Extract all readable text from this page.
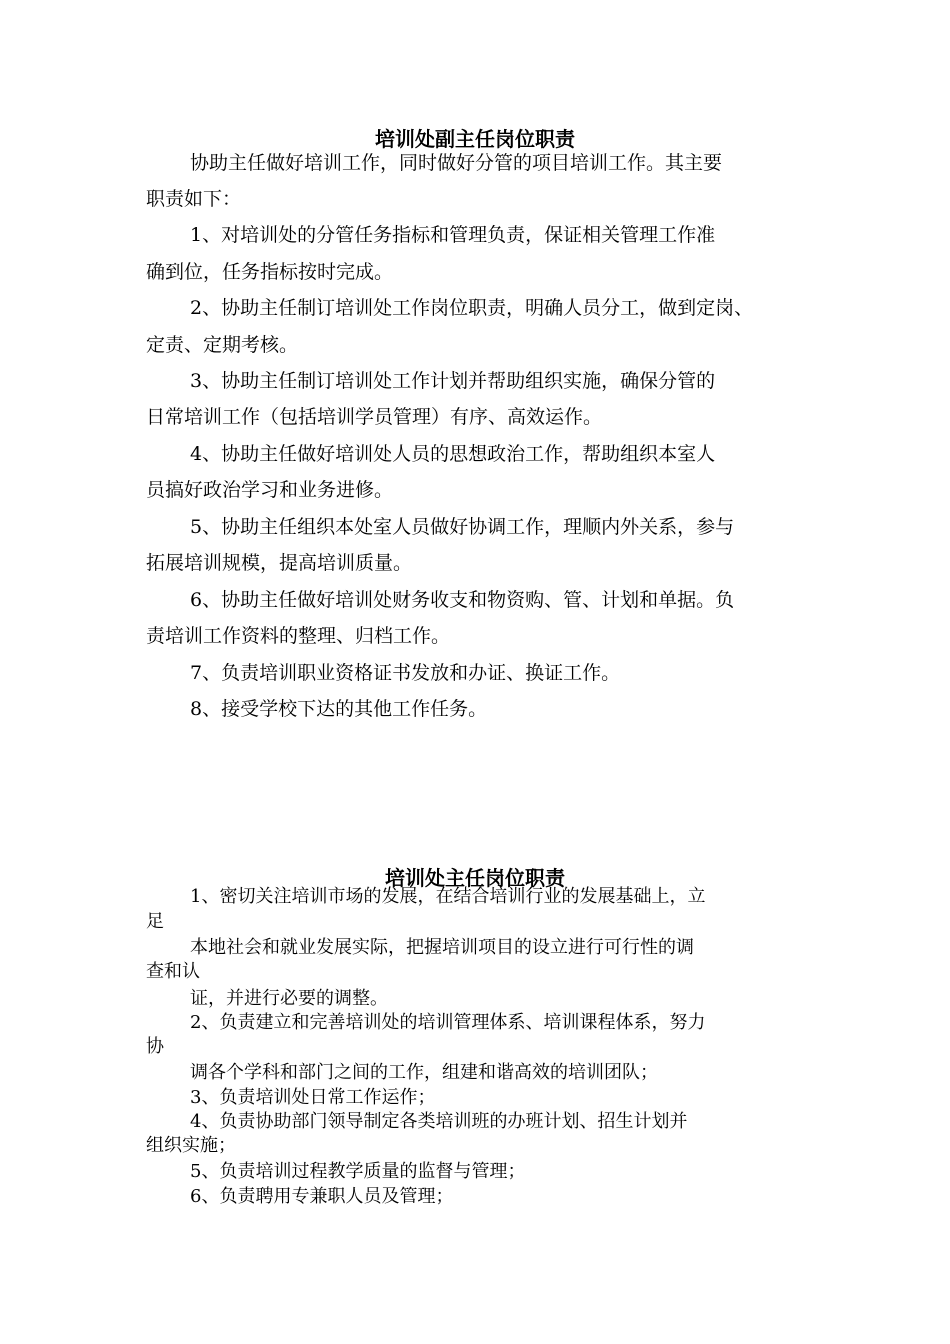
培训处副主任岗位职责
协助主任做好培训工作，同时做好分管的项目培训工作。其主要
职责如下：
1、对培训处的分管任务指标和管理负责，保证相关管理工作准
确到位，任务指标按时完成。
2、协助主任制订培训处工作岗位职责，明确人员分工，做到定岗、
定责、定期考核。
3、协助主任制订培训处工作计划并帮助组织实施，确保分管的
日常培训工作（包括培训学员管理）有序、高效运作。
4、协助主任做好培训处人员的思想政治工作，帮助组织本室人
员搞好政治学习和业务进修。
5、协助主任组织本处室人员做好协调工作，理顺内外关系，参与
拓展培训规模，提高培训质量。
6、协助主任做好培训处财务收支和物资购、管、计划和单据。负
责培训工作资料的整理、归档工作。
7、负责培训职业资格证书发放和办证、换证工作。
8、接受学校下达的其他工作任务。
培训处主任岗位职责
1、密切关注培训市场的发展，在结合培训行业的发展基础上，立
足
本地社会和就业发展实际，把握培训项目的设立进行可行性的调
查和认
证，并进行必要的调整。
2、负责建立和完善培训处的培训管理体系、培训课程体系，努力
协
调各个学科和部门之间的工作，组建和谐高效的培训团队；
3、负责培训处日常工作运作；
4、负责协助部门领导制定各类培训班的办班计划、招生计划并
组织实施；
5、负责培训过程教学质量的监督与管理；
6、负责聘用专兼职人员及管理；
